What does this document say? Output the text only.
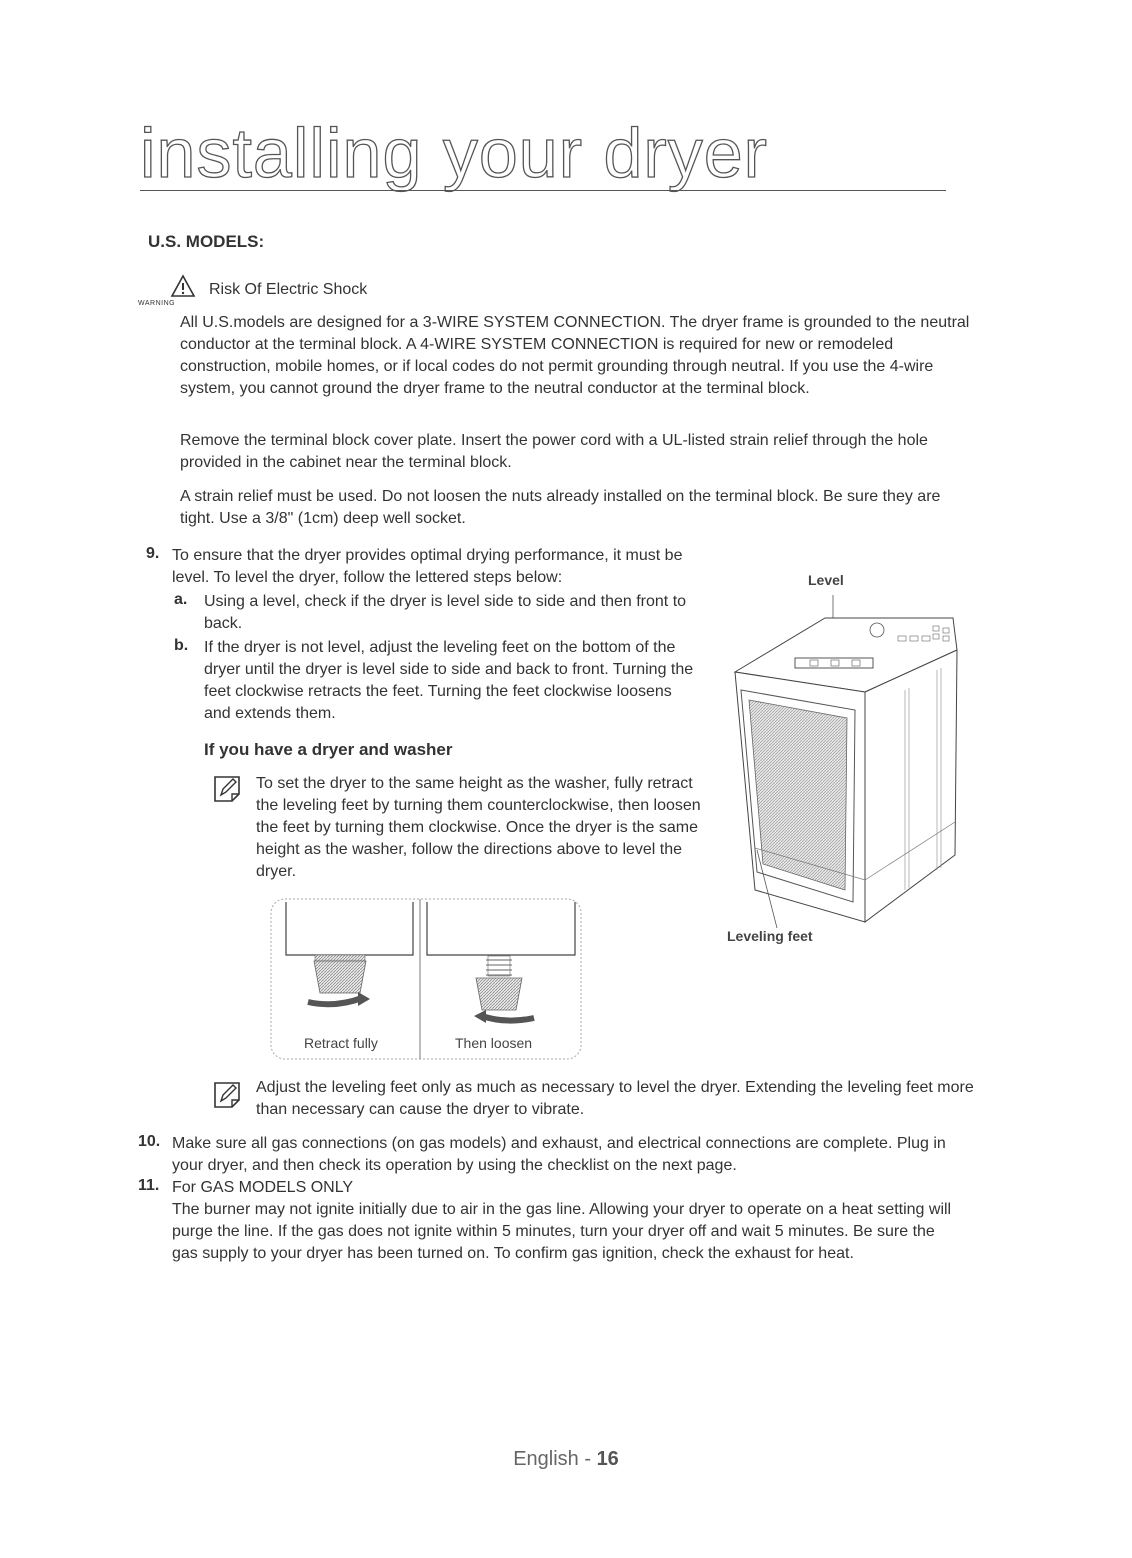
installing your dryer
U.S. MODELS:
WARNING
Risk Of Electric Shock

All U.S.models are designed for a 3-WIRE SYSTEM CONNECTION. The dryer frame is grounded to the neutral conductor at the terminal block. A 4-WIRE SYSTEM CONNECTION is required for new or remodeled construction, mobile homes, or if local codes do not permit grounding through neutral. If you use the 4-wire system, you cannot ground the dryer frame to the neutral conductor at the terminal block.

Remove the terminal block cover plate. Insert the power cord with a UL-listed strain relief through the hole provided in the cabinet near the terminal block.

A strain relief must be used. Do not loosen the nuts already installed on the terminal block. Be sure they are tight. Use a 3/8" (1cm) deep well socket.

9. To ensure that the dryer provides optimal drying performance, it must be level. To level the dryer, follow the lettered steps below:

a. Using a level, check if the dryer is level side to side and then front to back.

b. If the dryer is not level, adjust the leveling feet on the bottom of the dryer until the dryer is level side to side and back to front. Turning the feet clockwise retracts the feet. Turning the feet clockwise loosens and extends them.

If you have a dryer and washer

To set the dryer to the same height as the washer, fully retract the leveling feet by turning them counterclockwise, then loosen the feet by turning them clockwise. Once the dryer is the same height as the washer, follow the directions above to level the dryer.

Level
Leveling feet
Retract fully	Then loosen

Adjust the leveling feet only as much as necessary to level the dryer. Extending the leveling feet more than necessary can cause the dryer to vibrate.

10. Make sure all gas connections (on gas models) and exhaust, and electrical connections are complete. Plug in your dryer, and then check its operation by using the checklist on the next page.

11. For GAS MODELS ONLY

The burner may not ignite initially due to air in the gas line. Allowing your dryer to operate on a heat setting will purge the line. If the gas does not ignite within 5 minutes, turn your dryer off and wait 5 minutes. Be sure the gas supply to your dryer has been turned on. To confirm gas ignition, check the exhaust for heat.

English - 16
